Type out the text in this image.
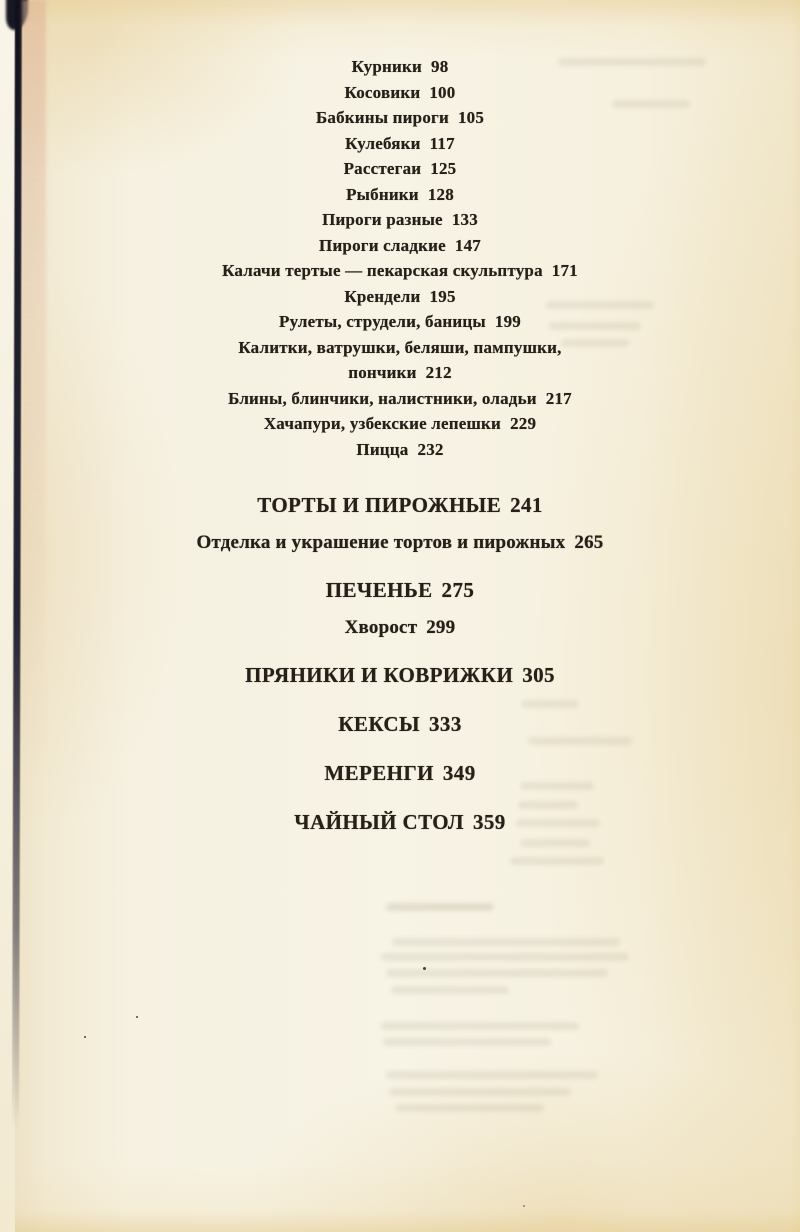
Курники 98
Косовики 100
Бабкины пироги 105
Кулебяки 117
Расстегаи 125
Рыбники 128
Пироги разные 133
Пироги сладкие 147
Калачи тертые — пекарская скульптура 171
Крендели 195
Рулеты, струдели, баницы 199
Калитки, ватрушки, беляши, пампушки, пончики 212
Блины, блинчики, налистники, оладьи 217
Хачапури, узбекские лепешки 229
Пицца 232
ТОРТЫ И ПИРОЖНЫЕ 241
Отделка и украшение тортов и пирожных 265
ПЕЧЕНЬЕ 275
Хворост 299
ПРЯНИКИ И КОВРИЖКИ 305
КЕКСЫ 333
МЕРЕНГИ 349
ЧАЙНЫЙ СТОЛ 359
